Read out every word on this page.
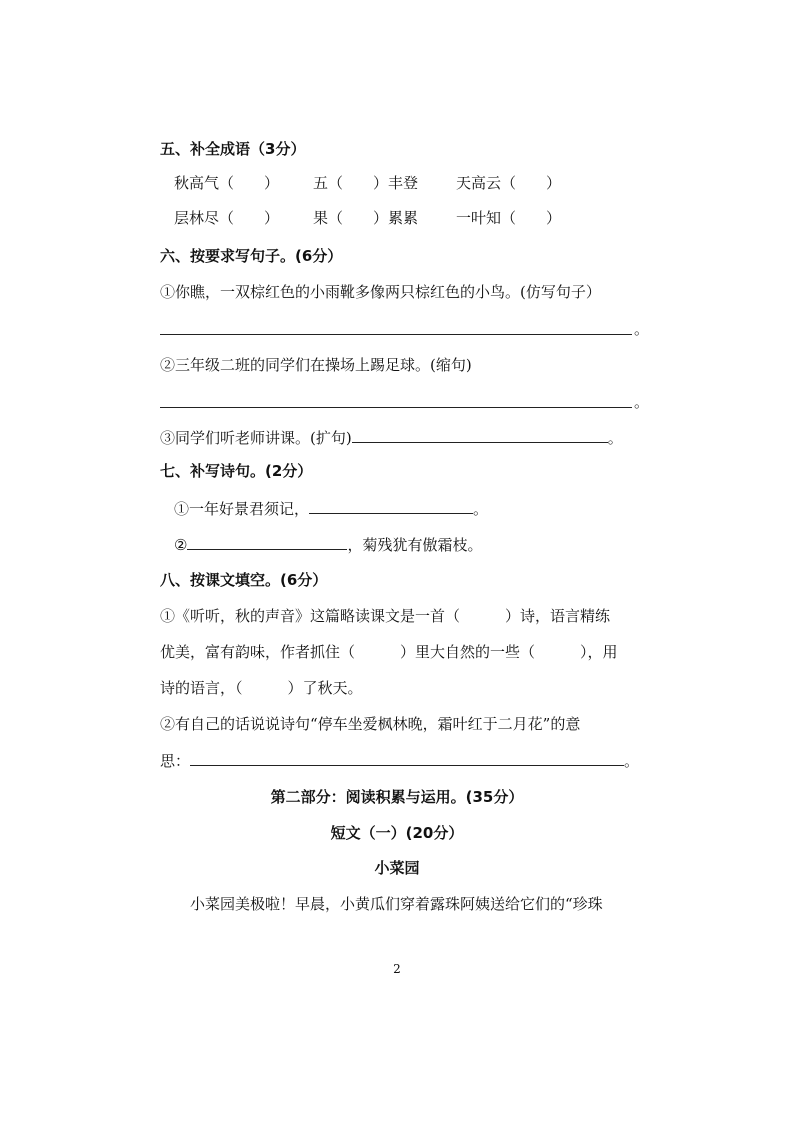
五、补全成语（3分）
秋高气（　　） 五（　　）丰登	天高云（　　）
层林尽（　　） 果（　　）累累	一叶知（　　）
六、按要求写句子。(6分）
①你瞧，一双棕红色的小雨靴多像两只棕红色的小鸟。(仿写句子）
。
②三年级二班的同学们在操场上踢足球。(缩句)
。
③同学们听老师讲课。(扩句)	。
七、补写诗句。(2分）
①一年好景君须记，	。
②	，菊残犹有傲霜枝。
八、按课文填空。(6分）
①《听听，秋的声音》这篇略读课文是一首（　　　）诗，语言精练
优美，富有韵味，作者抓住（　　　）里大自然的一些（　　　），用
诗的语言，（　　　）了秋天。
②有自己的话说说诗句“停车坐爱枫林晚，霜叶红于二月花”的意
思：	。
第二部分：阅读积累与运用。(35分）
短文（一）(20分）
小菜园
小菜园美极啦！早晨，小黄瓜们穿着露珠阿姨送给它们的“珍珠
2
